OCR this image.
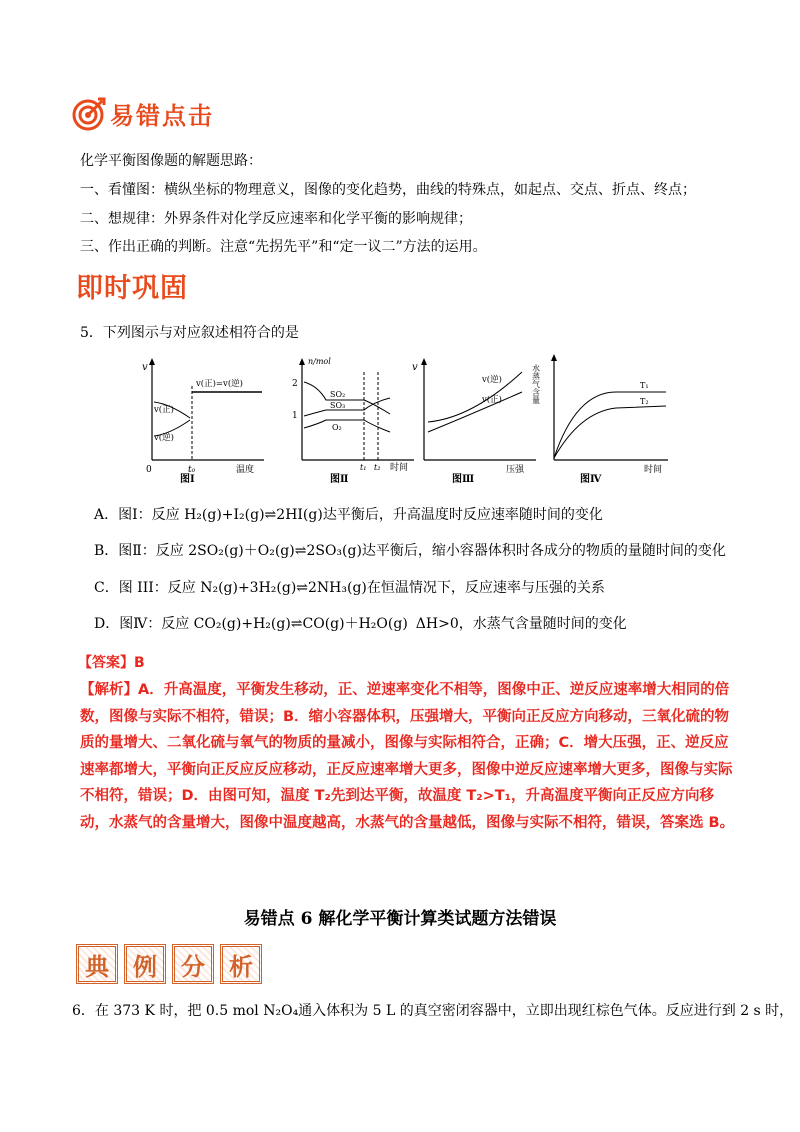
易错点击
化学平衡图像题的解题思路：
一、看懂图：横纵坐标的物理意义，图像的变化趋势，曲线的特殊点，如起点、交点、折点、终点；
二、想规律：外界条件对化学反应速率和化学平衡的影响规律；
三、作出正确的判断。注意“先拐先平”和“定一议二”方法的运用。
即时巩固
5．下列图示与对应叙述相符合的是
v
0	t₀	温度
v(正)
v(逆)
v(正)=v(逆)
图Ⅰ
n/mol
2
1
SO₂
SO₃
O₂
t₁ t₂ 时间
图Ⅱ
v
v(逆)
v(正)
压强
图Ⅲ
水蒸气含量	T₁
T₂
时间
图Ⅳ
A．图Ⅰ：反应 H₂(g)+I₂(g)⇌2HI(g)达平衡后，升高温度时反应速率随时间的变化
B．图Ⅱ：反应 2SO₂(g)＋O₂(g)⇌2SO₃(g)达平衡后，缩小容器体积时各成分的物质的量随时间的变化
C．图 III：反应 N₂(g)+3H₂(g)⇌2NH₃(g)在恒温情况下，反应速率与压强的关系
D．图Ⅳ：反应 CO₂(g)+H₂(g)⇌CO(g)＋H₂O(g) ΔH>0，水蒸气含量随时间的变化
【答案】B
【解析】A．升高温度，平衡发生移动，正、逆速率变化不相等，图像中正、逆反应速率增大相同的倍数，图像与实际不相符，错误；B．缩小容器体积，压强增大，平衡向正反应方向移动，三氧化硫的物质的量增大、二氧化硫与氧气的物质的量减小，图像与实际相符合，正确；C．增大压强，正、逆反应速率都增大，平衡向正反应反应移动，正反应速率增大更多，图像中逆反应速率增大更多，图像与实际不相符，错误；D．由图可知，温度 T₂先到达平衡，故温度 T₂>T₁，升高温度平衡向正反应方向移动，水蒸气的含量增大，图像中温度越高，水蒸气的含量越低，图像与实际不相符，错误，答案选 B。
易错点 6 解化学平衡计算类试题方法错误
典	例	分	析
6．在 373 K 时，把 0.5 mol N₂O₄通入体积为 5 L 的真空密闭容器中，立即出现红棕色气体。反应进行到 2 s 时，
